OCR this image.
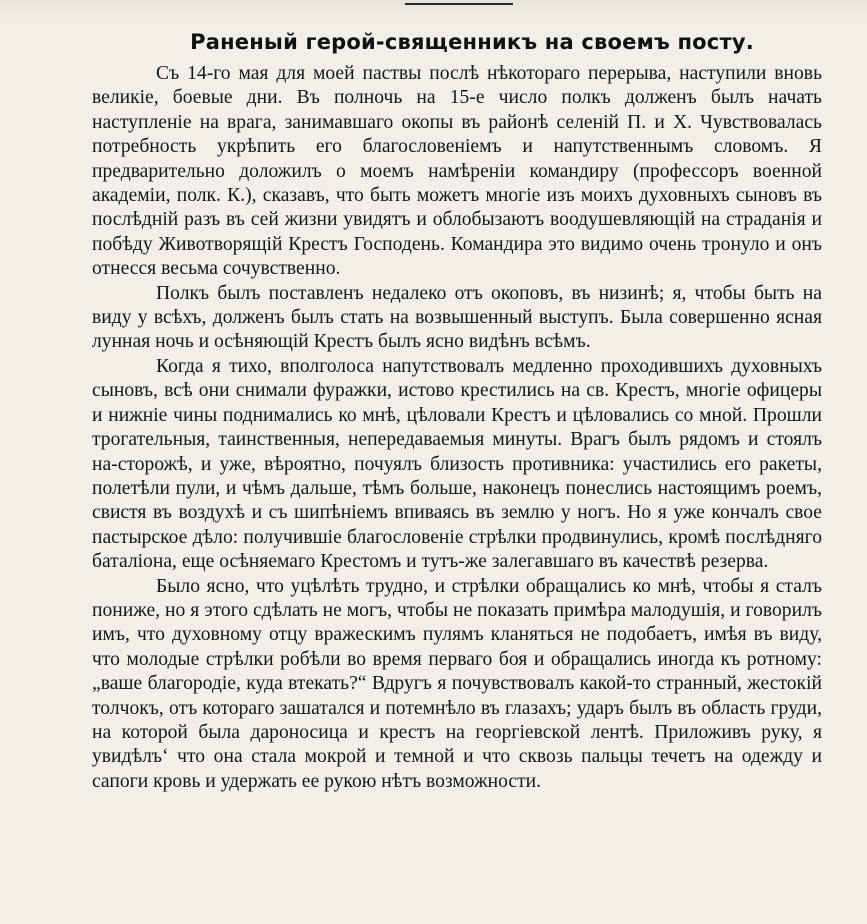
Раненый герой-священникъ на своемъ посту.

Съ 14-го мая для моей паствы послѣ нѣкотораго перерыва, наступили вновь великіе, боевые дни. Въ полночь на 15-е число полкъ долженъ былъ начать наступленіе на врага, занимавшаго окопы въ районѣ селеній П. и Х. Чувствовалась потребность укрѣпить его благословеніемъ и напутственнымъ словомъ. Я предварительно доложилъ о моемъ намѣреніи командиру (профессоръ военной академіи, полк. К.), сказавъ, что быть можетъ многіе изъ моихъ духовныхъ сыновъ въ послѣдній разъ въ сей жизни увидятъ и облобызаютъ воодушевляющій на страданія и побѣду Животворящій Крестъ Господень. Командира это видимо очень тронуло и онъ отнесся весьма сочувственно.

Полкъ былъ поставленъ недалеко отъ окоповъ, въ низинѣ; я, чтобы быть на виду у всѣхъ, долженъ былъ стать на возвышенный выступъ. Была совершенно ясная лунная ночь и осѣняющій Крестъ былъ ясно видѣнъ всѣмъ.

Когда я тихо, вполголоса напутствовалъ медленно проходившихъ духовныхъ сыновъ, всѣ они снимали фуражки, истово крестились на св. Крестъ, многіе офицеры и нижніе чины поднимались ко мнѣ, цѣловали Крестъ и цѣловались со мной. Прошли трогательныя, таинственныя, непередаваемыя минуты. Врагъ былъ рядомъ и стоялъ на-сторожѣ, и уже, вѣроятно, почуялъ близость противника: участились его ракеты, полетѣли пули, и чѣмъ дальше, тѣмъ больше, наконецъ понеслись настоящимъ роемъ, свистя въ воздухѣ и съ шипѣніемъ впиваясь въ землю у ногъ. Но я уже кончалъ свое пастырское дѣло: получившіе благословеніе стрѣлки продвинулись, кромѣ послѣдняго баталіона, еще осѣняемаго Крестомъ и тутъ-же залегавшаго въ качествѣ резерва.

Было ясно, что уцѣлѣть трудно, и стрѣлки обращались ко мнѣ, чтобы я сталъ пониже, но я этого сдѣлать не могъ, чтобы не показать примѣра малодушія, и говорилъ имъ, что духовному отцу вражескимъ пулямъ кланяться не подобаетъ, имѣя въ виду, что молодые стрѣлки робѣли во время перваго боя и обращались иногда къ ротному: „ваше благородіе, куда втекать?“ Вдругъ я почувствовалъ какой-то странный, жестокій толчокъ, отъ котораго зашатался и потемнѣло въ глазахъ; ударъ былъ въ область груди, на которой была дароносица и крестъ на георгіевской лентѣ. Приложивъ руку, я увидѣлъ‘ что она стала мокрой и темной и что сквозь пальцы течетъ на одежду и сапоги кровь и удержать ее рукою нѣтъ возможности.
